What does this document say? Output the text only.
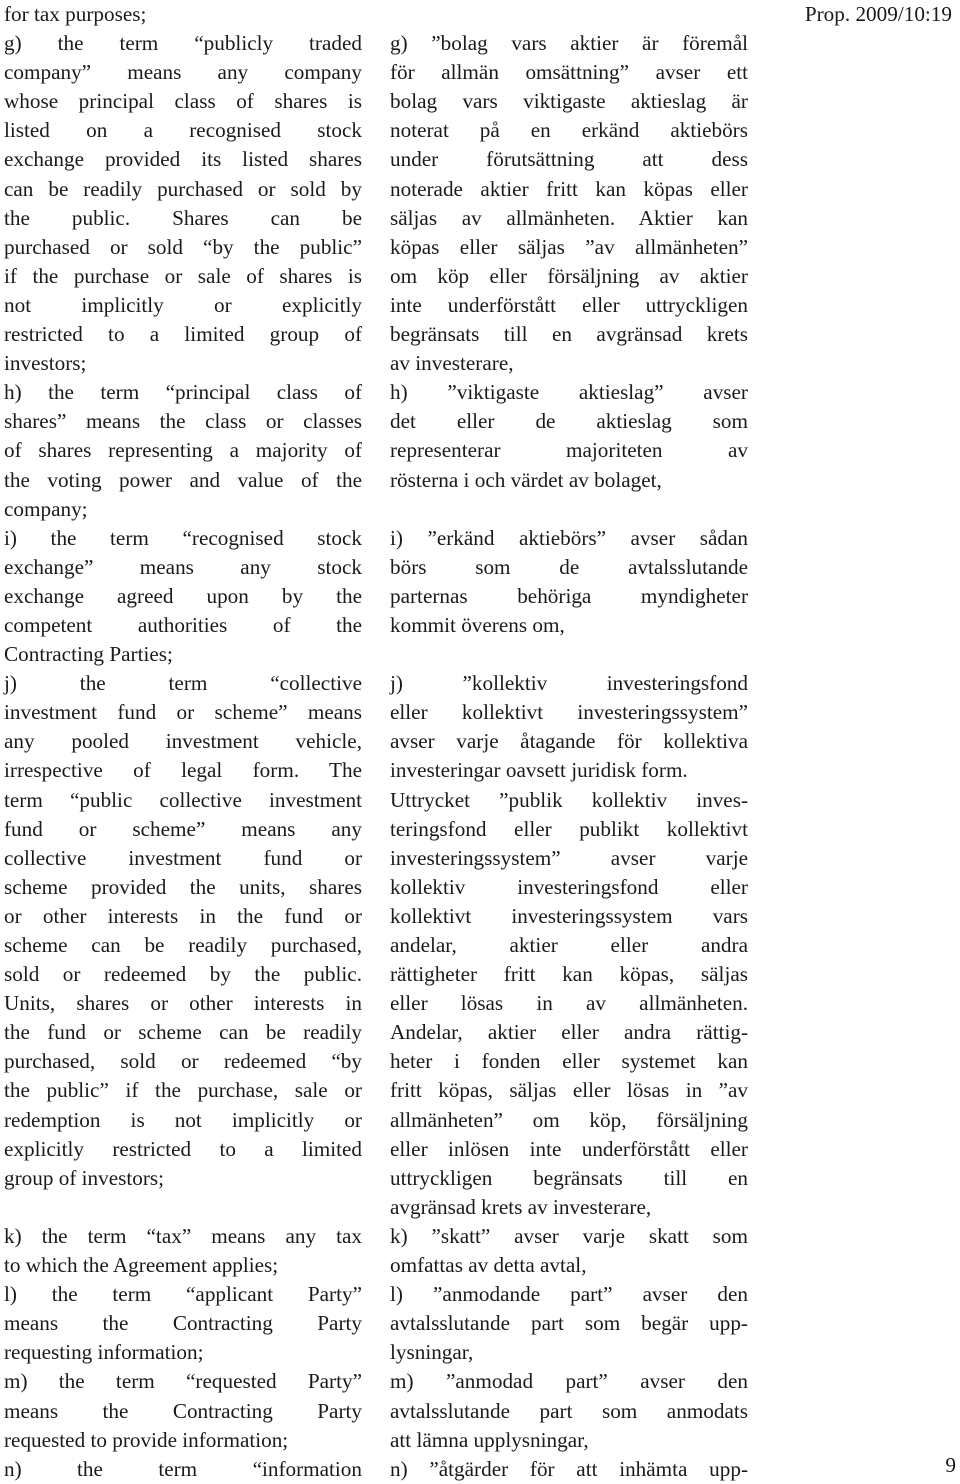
Prop. 2009/10:19
for tax purposes;
g) the term “publicly traded
company” means any company
whose principal class of shares is
listed on a recognised stock
exchange provided its listed shares
can be readily purchased or sold by
the public. Shares can be
purchased or sold “by the public”
if the purchase or sale of shares is
not implicitly or explicitly
restricted to a limited group of
investors;
h) the term “principal class of
shares” means the class or classes
of shares representing a majority of
the voting power and value of the
company;
i) the term “recognised stock
exchange” means any stock
exchange agreed upon by the
competent authorities of the
Contracting Parties;
j) the term “collective
investment fund or scheme” means
any pooled investment vehicle,
irrespective of legal form. The
term “public collective investment
fund or scheme” means any
collective investment fund or
scheme provided the units, shares
or other interests in the fund or
scheme can be readily purchased,
sold or redeemed by the public.
Units, shares or other interests in
the fund or scheme can be readily
purchased, sold or redeemed “by
the public” if the purchase, sale or
redemption is not implicitly or
explicitly restricted to a limited
group of investors;
k) the term “tax” means any tax
to which the Agreement applies;
l) the term “applicant Party”
means the Contracting Party
requesting information;
m) the term “requested Party”
means the Contracting Party
requested to provide information;
n) the term “information
g) ”bolag vars aktier är föremål
för allmän omsättning” avser ett
bolag vars viktigaste aktieslag är
noterat på en erkänd aktiebörs
under förutsättning att dess
noterade aktier fritt kan köpas eller
säljas av allmänheten. Aktier kan
köpas eller säljas ”av allmänheten”
om köp eller försäljning av aktier
inte underförstått eller uttryckligen
begränsats till en avgränsad krets
av investerare,
h) ”viktigaste aktieslag” avser
det eller de aktieslag som
representerar majoriteten av
rösterna i och värdet av bolaget,
i) ”erkänd aktiebörs” avser sådan
börs som de avtalsslutande
parternas behöriga myndigheter
kommit överens om,
j) ”kollektiv investeringsfond
eller kollektivt investeringssystem”
avser varje åtagande för kollektiva
investeringar oavsett juridisk form.
Uttrycket ”publik kollektiv inves-
teringsfond eller publikt kollektivt
investeringssystem” avser varje
kollektiv investeringsfond eller
kollektivt investeringssystem vars
andelar, aktier eller andra
rättigheter fritt kan köpas, säljas
eller lösas in av allmänheten.
Andelar, aktier eller andra rättig-
heter i fonden eller systemet kan
fritt köpas, säljas eller lösas in ”av
allmänheten” om köp, försäljning
eller inlösen inte underförstått eller
uttryckligen begränsats till en
avgränsad krets av investerare,
k) ”skatt” avser varje skatt som
omfattas av detta avtal,
l) ”anmodande part” avser den
avtalsslutande part som begär upp-
lysningar,
m) ”anmodad part” avser den
avtalsslutande part som anmodats
att lämna upplysningar,
n) ”åtgärder för att inhämta upp-	9
